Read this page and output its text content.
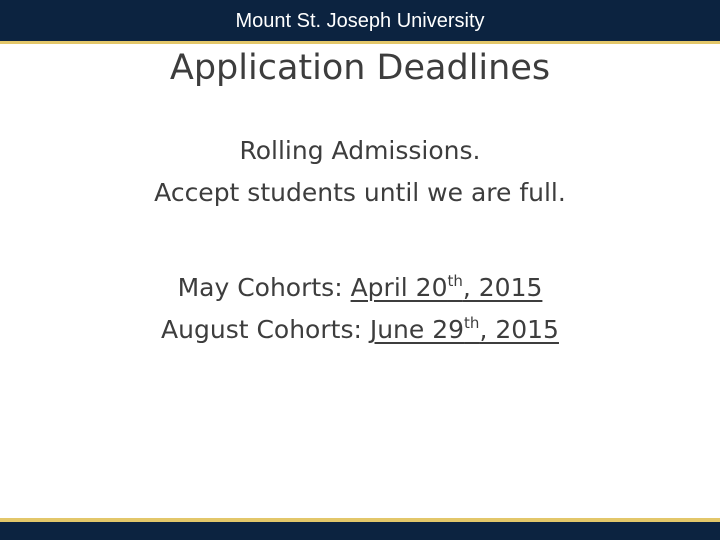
Mount St. Joseph University
Application Deadlines
Rolling Admissions.
Accept students until we are full.
May Cohorts: April 20th, 2015
August Cohorts: June 29th, 2015
